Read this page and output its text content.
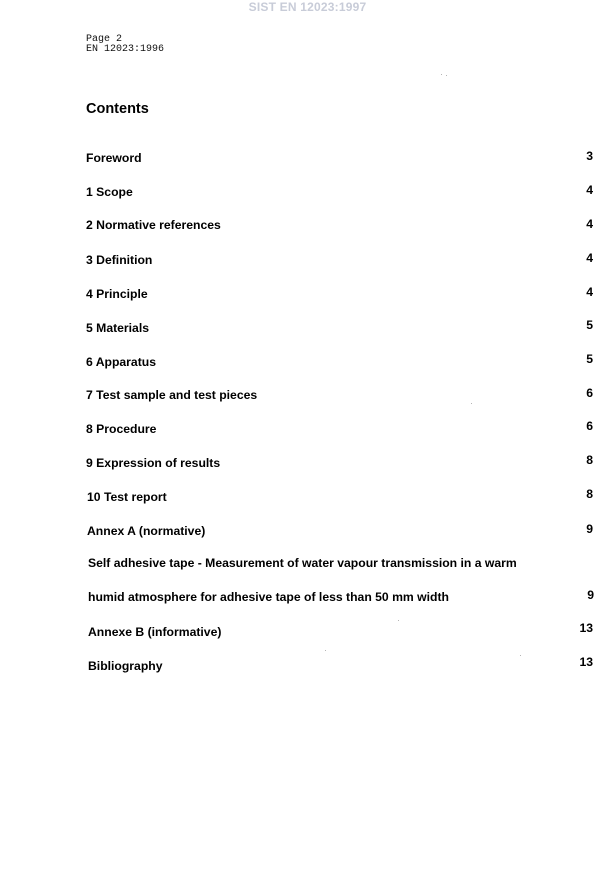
SIST EN 12023:1997
Page 2
EN 12023:1996
Contents
Foreword	3
1 Scope	4
2 Normative references	4
3 Definition	4
4 Principle	4
5 Materials	5
6 Apparatus	5
7 Test sample and test pieces	6
8 Procedure	6
9 Expression of results	8
10 Test report	8
Annex A (normative)	9
Self adhesive tape - Measurement of water vapour transmission in a warm
humid atmosphere for adhesive tape of less than 50 mm width	9
Annexe B (informative)	13
Bibliography	13
